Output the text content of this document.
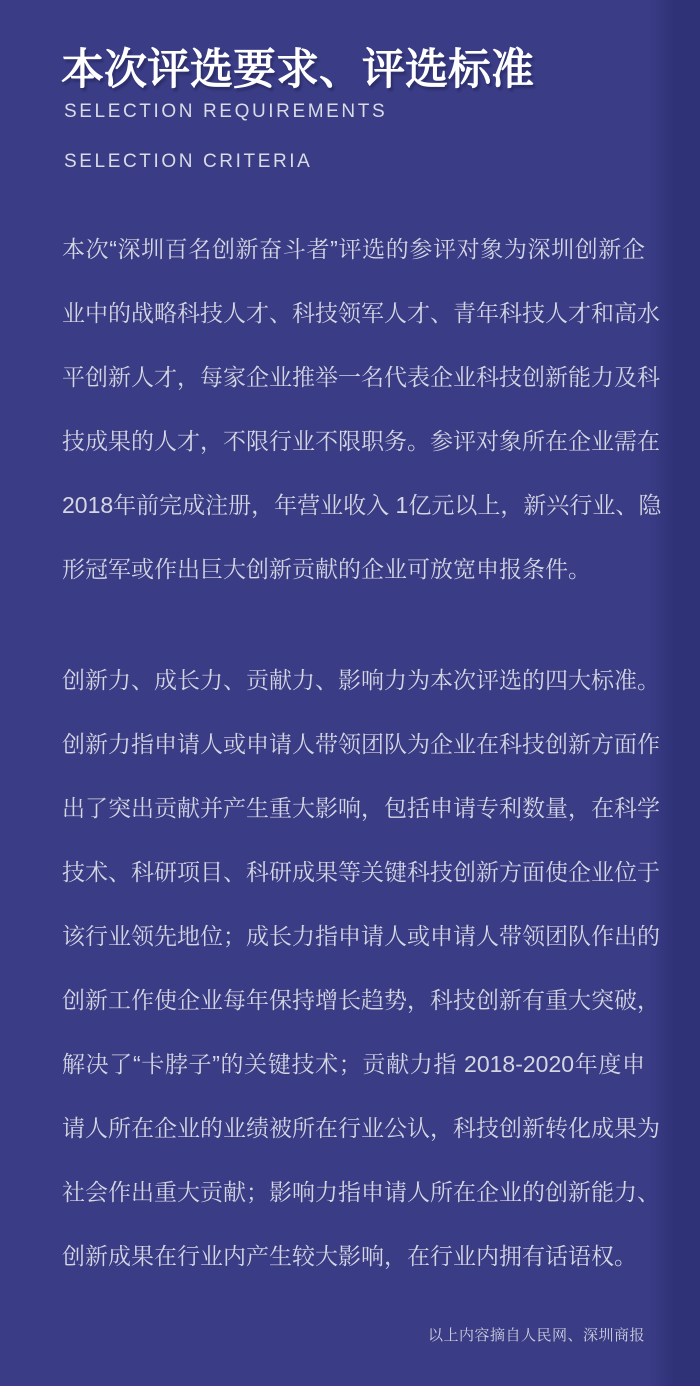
本次评选要求、评选标准
SELECTION REQUIREMENTS
SELECTION CRITERIA
本次“深圳百名创新奋斗者”评选的参评对象为深圳创新企
业中的战略科技人才、科技领军人才、青年科技人才和高水
平创新人才，每家企业推举一名代表企业科技创新能力及科
技成果的人才，不限行业不限职务。参评对象所在企业需在
2018年前完成注册，年营业收入 1亿元以上，新兴行业、隐
形冠军或作出巨大创新贡献的企业可放宽申报条件。
创新力、成长力、贡献力、影响力为本次评选的四大标准。
创新力指申请人或申请人带领团队为企业在科技创新方面作
出了突出贡献并产生重大影响，包括申请专利数量，在科学
技术、科研项目、科研成果等关键科技创新方面使企业位于
该行业领先地位；成长力指申请人或申请人带领团队作出的
创新工作使企业每年保持增长趋势，科技创新有重大突破，
解决了“卡脖子”的关键技术；贡献力指 2018-2020年度申
请人所在企业的业绩被所在行业公认，科技创新转化成果为
社会作出重大贡献；影响力指申请人所在企业的创新能力、
创新成果在行业内产生较大影响，在行业内拥有话语权。
以上内容摘自人民网、深圳商报
